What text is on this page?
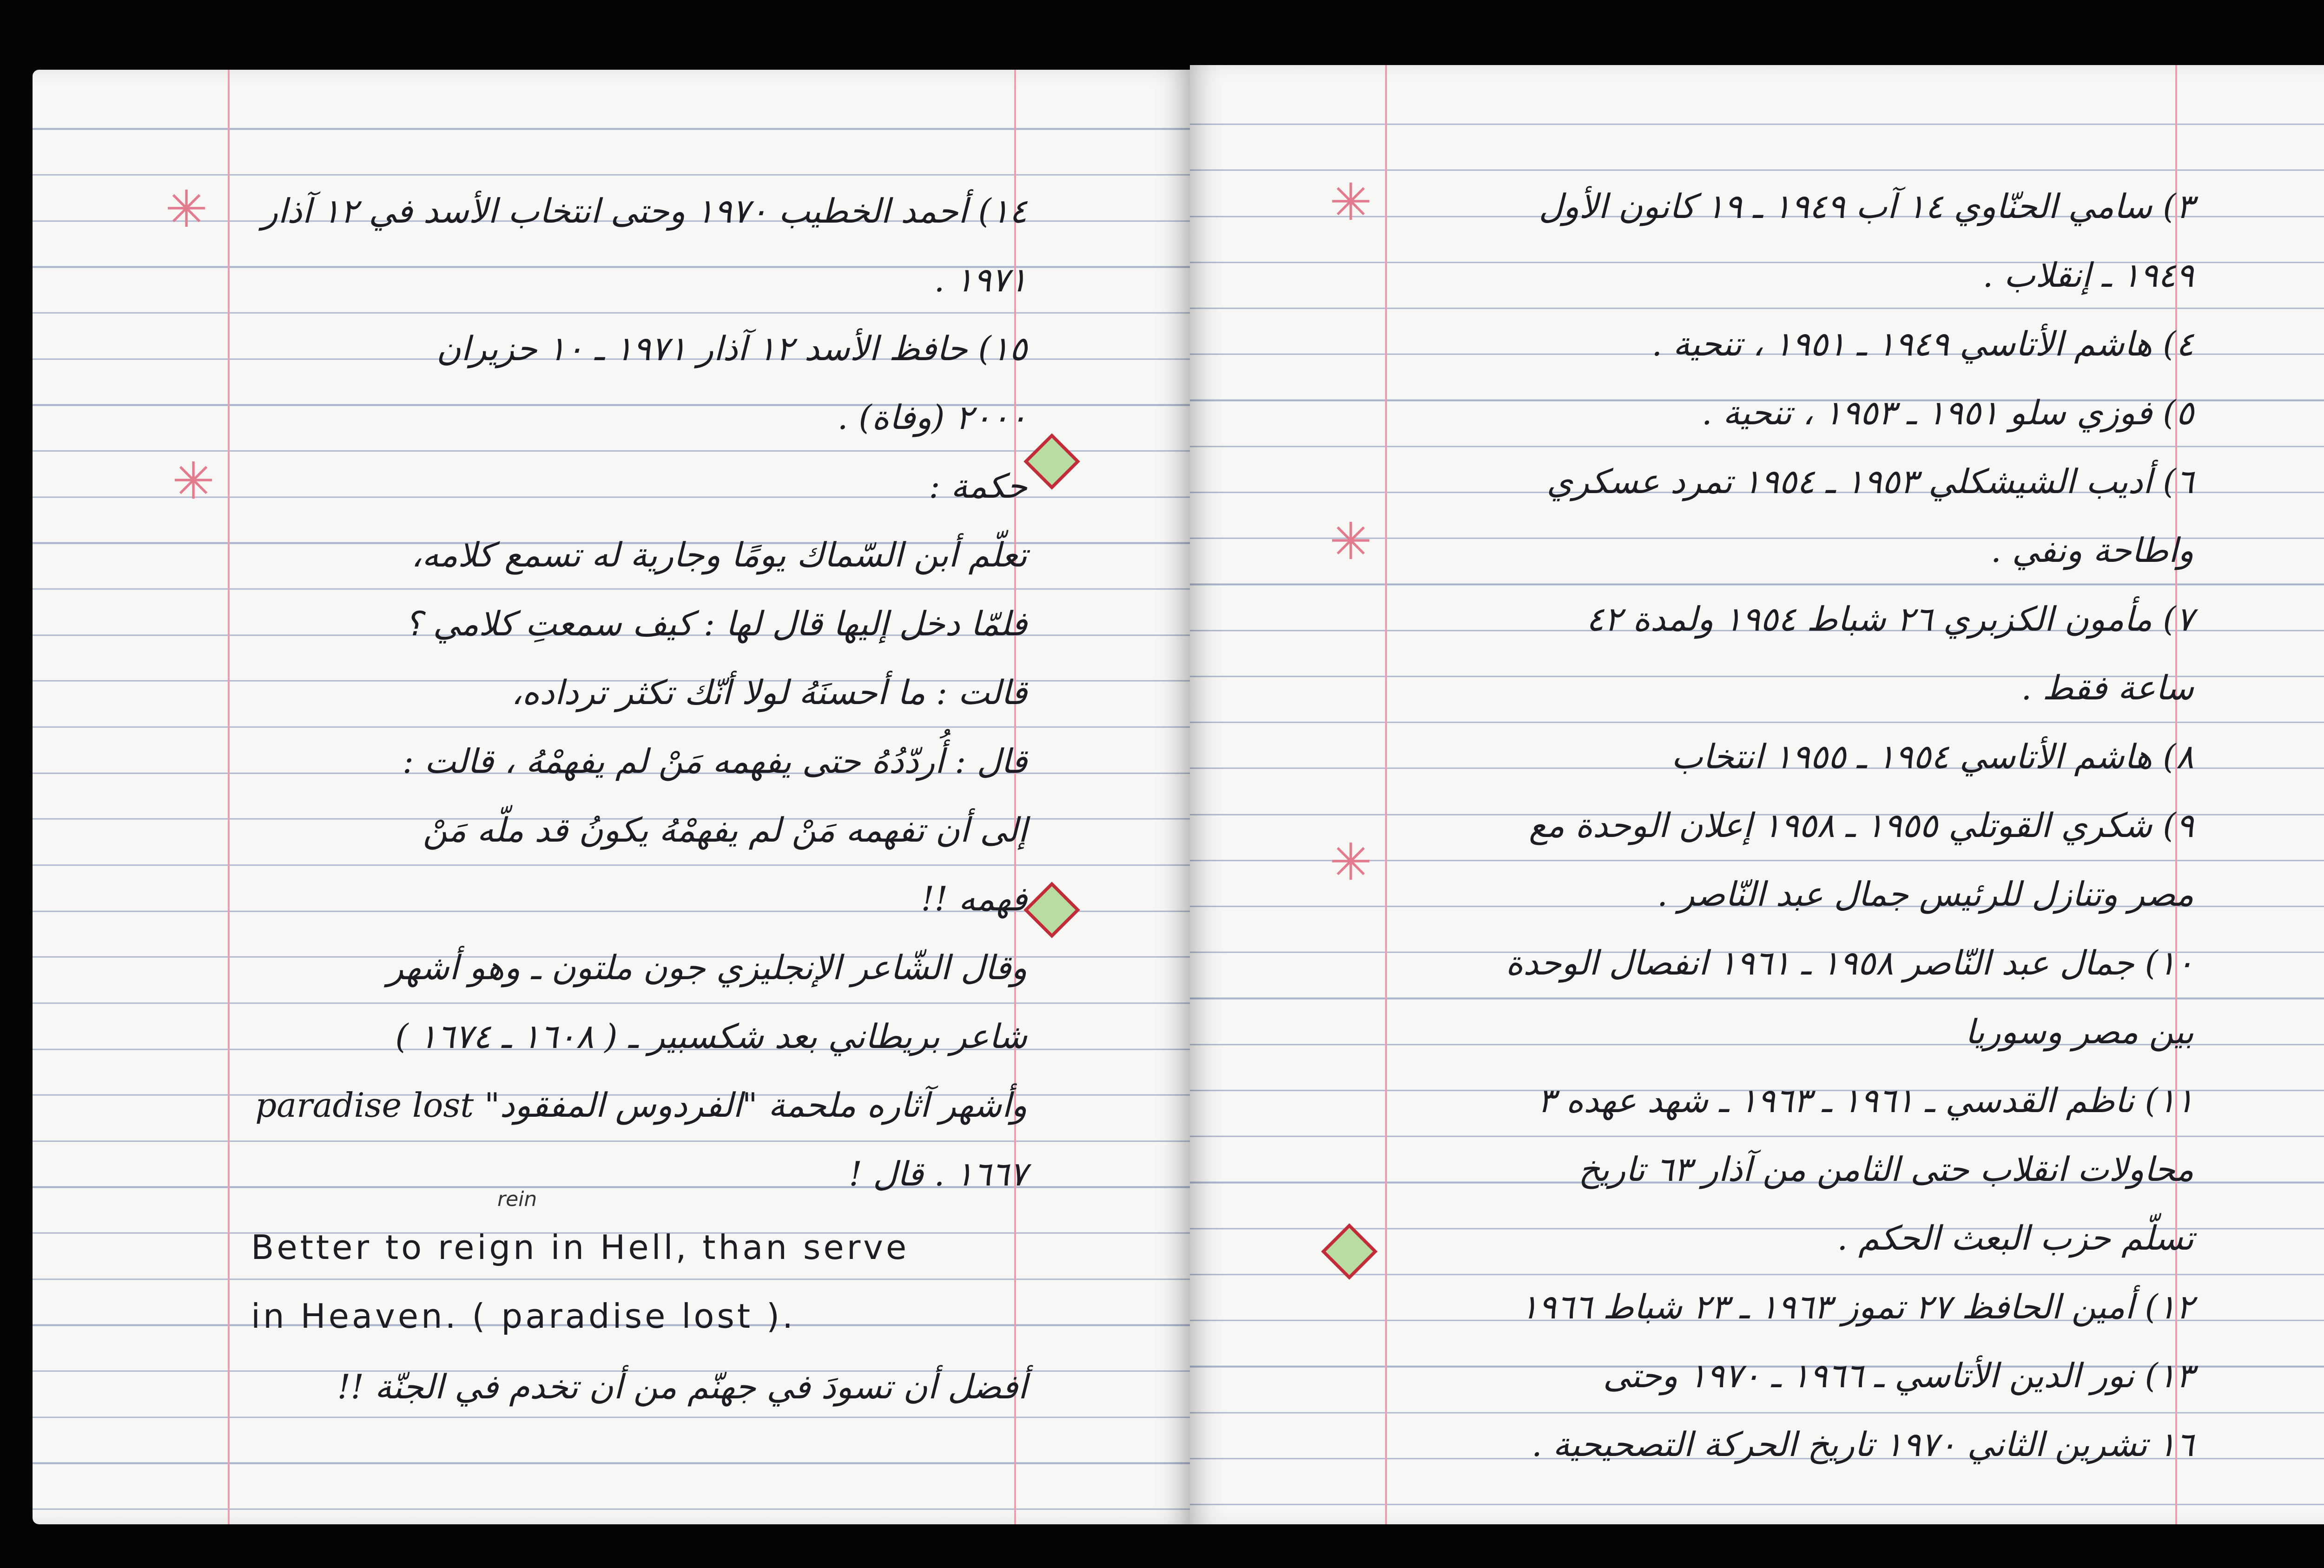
✳
✳
١٤) أحمد الخطيب ١٩٧٠ وحتى انتخاب الأسد في ١٢ آذار
١٩٧١ .
١٥) حافظ الأسد ١٢ آذار ١٩٧١ ـ ١٠ حزيران
٢٠٠٠ (وفاة) .
حكمة :
تعلّم أبن السّماك يومًا وجارية له تسمع كلامه،
فلمّا دخل إليها قال لها : كيف سمعتِ كلامي ؟
قالت : ما أحسنَهُ لولا أنّك تكثر ترداده،
قال : أُردّدُهُ حتى يفهمه مَنْ لم يفهمْهُ ، قالت :
إلى أن تفهمه مَنْ لم يفهمْهُ يكونُ قد ملّه مَنْ
فهمه !!
وقال الشّاعر الإنجليزي جون ملتون ـ وهو أشهر
شاعر بريطاني بعد شكسبير ـ ( ١٦٠٨ ـ ١٦٧٤ )
وأشهر آثاره ملحمة "الفردوس المفقود" paradise lost
١٦٦٧ . قال !
Better to reign in Hell, than serve
in Heaven. ( paradise lost ).
rein
أفضل أن تسودَ في جهنّم من أن تخدم في الجنّة !!
✳
✳
✳
٣) سامي الحنّاوي ١٤ آب ١٩٤٩ ـ ١٩ كانون الأول
١٩٤٩ ـ إنقلاب .
٤) هاشم الأتاسي ١٩٤٩ ـ ١٩٥١ ، تنحية .
٥) فوزي سلو ١٩٥١ ـ ١٩٥٣ ، تنحية .
٦) أديب الشيشكلي ١٩٥٣ ـ ١٩٥٤ تمرد عسكري
واطاحة ونفي .
٧) مأمون الكزبري ٢٦ شباط ١٩٥٤ ولمدة ٤٢
ساعة فقط .
٨) هاشم الأتاسي ١٩٥٤ ـ ١٩٥٥ انتخاب
٩) شكري القوتلي ١٩٥٥ ـ ١٩٥٨ إعلان الوحدة مع
مصر وتنازل للرئيس جمال عبد النّاصر .
١٠) جمال عبد النّاصر ١٩٥٨ ـ ١٩٦١ انفصال الوحدة
بين مصر وسوريا
١١) ناظم القدسي ـ ١٩٦١ ـ ١٩٦٣ ـ شهد عهده ٣
محاولات انقلاب حتى الثامن من آذار ٦٣ تاريخ
تسلّم حزب البعث الحكم .
١٢) أمين الحافظ ٢٧ تموز ١٩٦٣ ـ ٢٣ شباط ١٩٦٦
١٣) نور الدين الأتاسي ـ ١٩٦٦ ـ ١٩٧٠ وحتى
١٦ تشرين الثاني ١٩٧٠ تاريخ الحركة التصحيحية .
